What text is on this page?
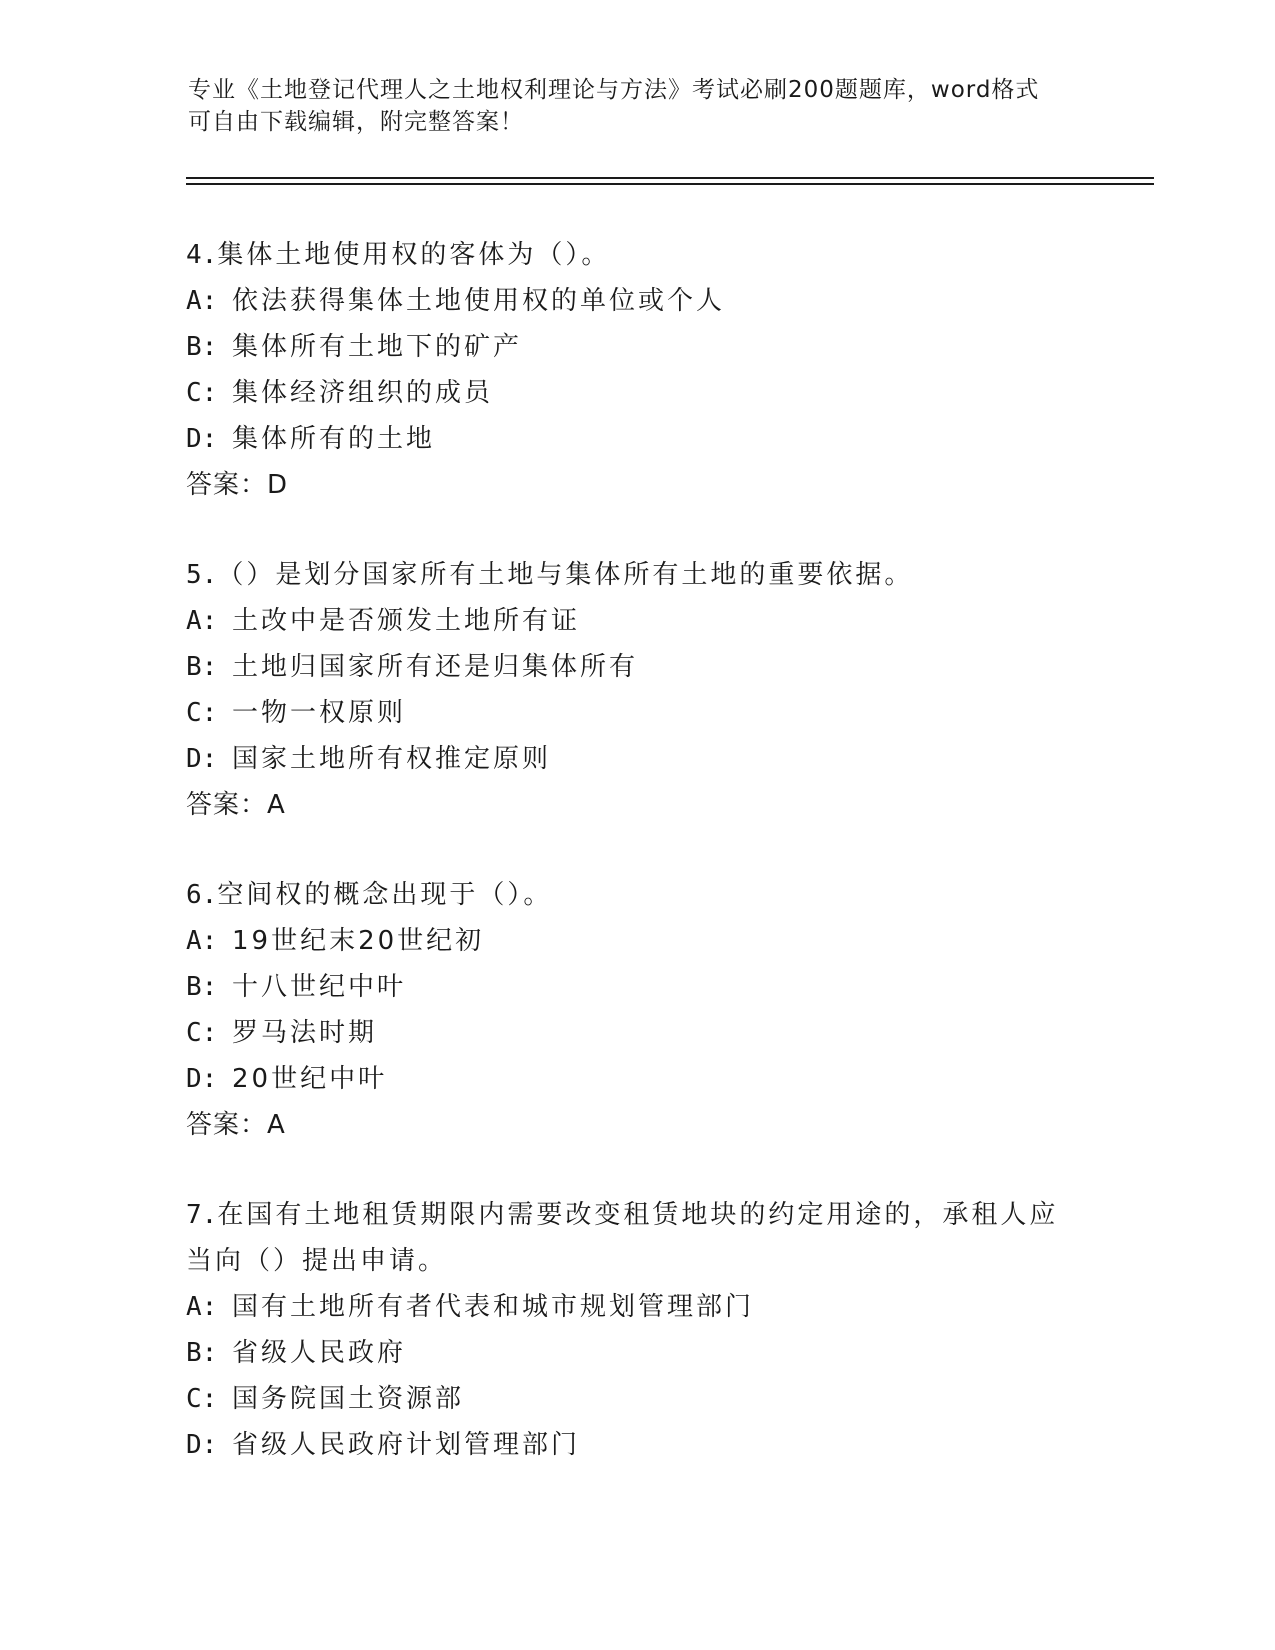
专业《土地登记代理人之土地权利理论与方法》考试必刷200题题库，word格式
可自由下载编辑，附完整答案！
4.集体土地使用权的客体为（）。
A: 依法获得集体土地使用权的单位或个人
B: 集体所有土地下的矿产
C: 集体经济组织的成员
D: 集体所有的土地
答案：D
5.（）是划分国家所有土地与集体所有土地的重要依据。
A: 土改中是否颁发土地所有证
B: 土地归国家所有还是归集体所有
C: 一物一权原则
D: 国家土地所有权推定原则
答案：A
6.空间权的概念出现于（）。
A: 19世纪末20世纪初
B: 十八世纪中叶
C: 罗马法时期
D: 20世纪中叶
答案：A
7.在国有土地租赁期限内需要改变租赁地块的约定用途的，承租人应
当向（）提出申请。
A: 国有土地所有者代表和城市规划管理部门
B: 省级人民政府
C: 国务院国土资源部
D: 省级人民政府计划管理部门
